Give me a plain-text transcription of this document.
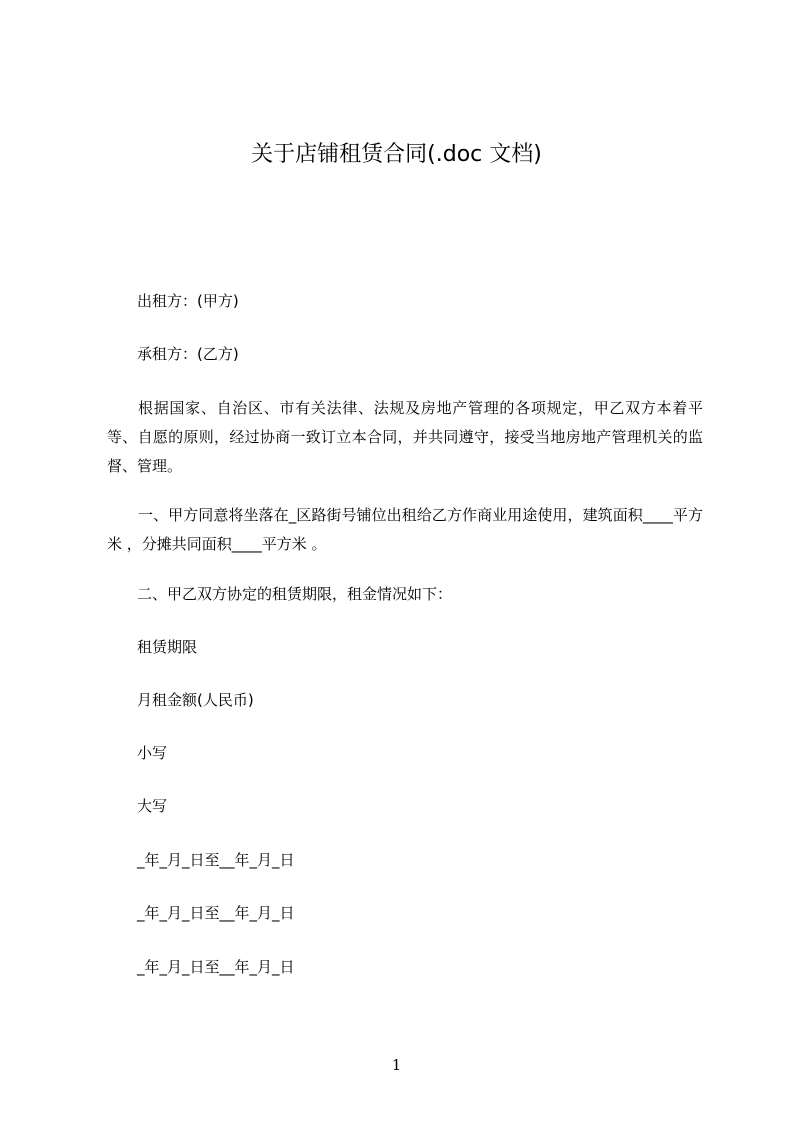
关于店铺租赁合同(.doc 文档)
出租方：(甲方)
承租方：(乙方)
根据国家、自治区、市有关法律、法规及房地产管理的各项规定，甲乙双方本着平等、自愿的原则，经过协商一致订立本合同，并共同遵守，接受当地房地产管理机关的监督、管理。
一、甲方同意将坐落在_区路街号铺位出租给乙方作商业用途使用，建筑面积____平方米 ，分摊共同面积____平方米 。
二、甲乙双方协定的租赁期限，租金情况如下：
租赁期限
月租金额(人民币)
小写
大写
_年_月_日至__年_月_日
_年_月_日至__年_月_日
_年_月_日至__年_月_日
1
